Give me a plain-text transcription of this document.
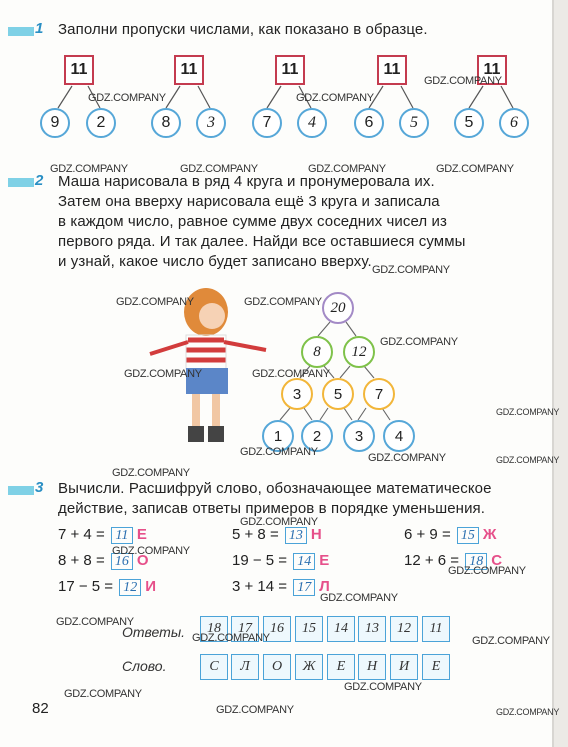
1 Заполни пропуски числами, как показано в образце.
11
9	2
11
8	3
11
7	4
11
6	5
11
5	6
2 Маша нарисовала в ряд 4 круга и пронумеровала их.
Затем она вверху нарисовала ещё 3 круга и записала
в каждом число, равное сумме двух соседних чисел из
первого ряда. И так далее. Найди все оставшиеся суммы
и узнай, какое число будет записано вверху.
20
8	12
3	5	7
1	2	3	4
3 Вычисли. Расшифруй слово, обозначающее математическое
действие, записав ответы примеров в порядке уменьшения.
7 + 4 = 11 Е	5 + 8 = 13 Н	6 + 9 = 15 Ж
8 + 8 = 16 О	19 − 5 = 14 Е	12 + 6 = 18 С
17 − 5 = 12 И	3 + 14 = 17 Л
Ответы.	18	17	16	15	14	13	12	11
Слово.	С	Л	О	Ж	Е	Н	И	Е
82
GDZ.COMPANY
GDZ.COMPANY
GDZ.COMPANY
GDZ.COMPANY	GDZ.COMPANY	GDZ.COMPANY	GDZ.COMPANY
GDZ.COMPANY
GDZ.COMPANY	GDZ.COMPANY
GDZ.COMPANY
GDZ.COMPANY	GDZ.COMPANY
GDZ.COMPANY
GDZ.COMPANY	GDZ.COMPANY	GDZ.COMPANY
GDZ.COMPANY
GDZ.COMPANY
GDZ.COMPANY
GDZ.COMPANY
GDZ.COMPANY
GDZ.COMPANY
GDZ.COMPANY	GDZ.COMPANY
GDZ.COMPANY
GDZ.COMPANY
GDZ.COMPANY	GDZ.COMPANY
